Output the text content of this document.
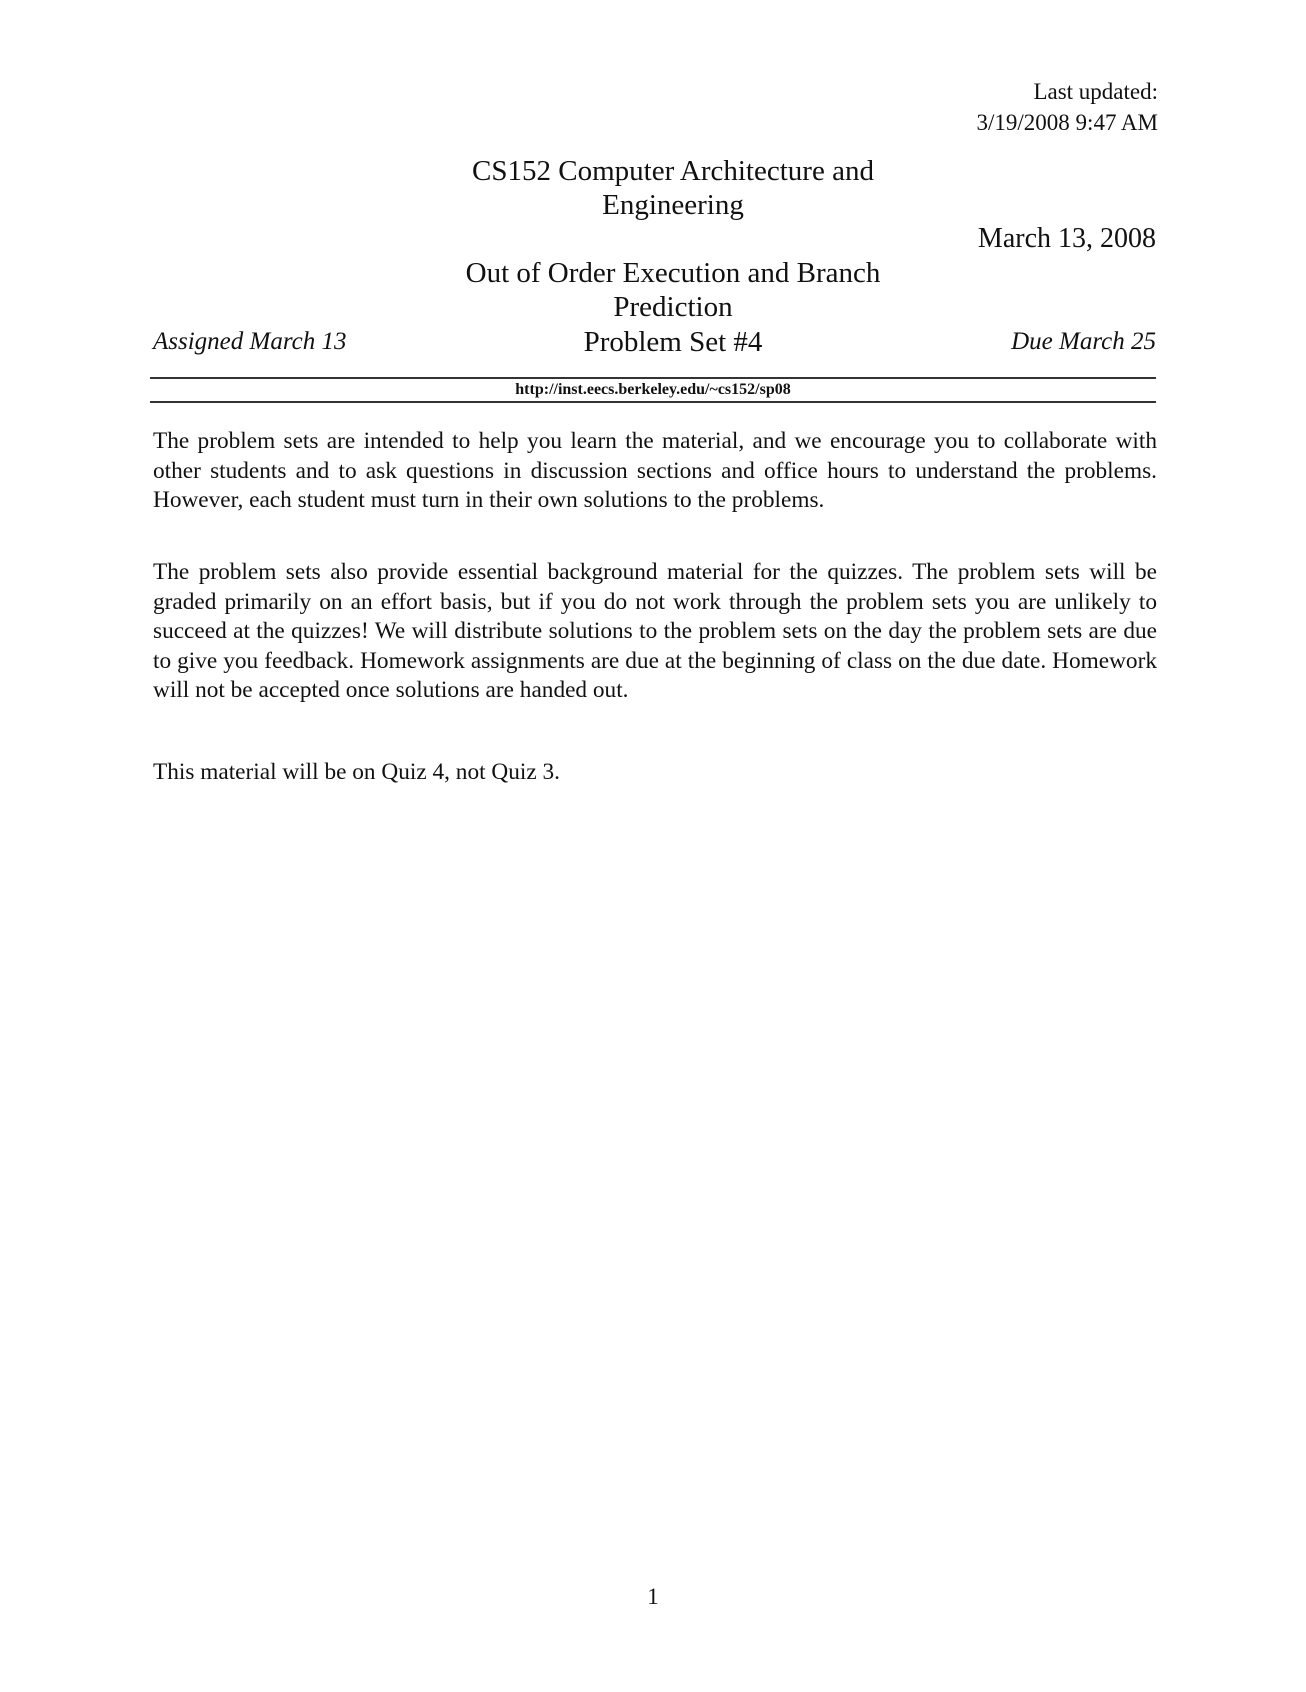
Last updated:
3/19/2008 9:47 AM
CS152 Computer Architecture and Engineering
March 13, 2008
Out of Order Execution and Branch Prediction
Assigned March 13	Problem Set #4	Due March 25
http://inst.eecs.berkeley.edu/~cs152/sp08

The problem sets are intended to help you learn the material, and we encourage you to collaborate with other students and to ask questions in discussion sections and office hours to understand the problems. However, each student must turn in their own solutions to the problems.

The problem sets also provide essential background material for the quizzes. The problem sets will be graded primarily on an effort basis, but if you do not work through the problem sets you are unlikely to succeed at the quizzes! We will distribute solutions to the problem sets on the day the problem sets are due to give you feedback. Homework assignments are due at the beginning of class on the due date. Homework will not be accepted once solutions are handed out.

This material will be on Quiz 4, not Quiz 3.

1
